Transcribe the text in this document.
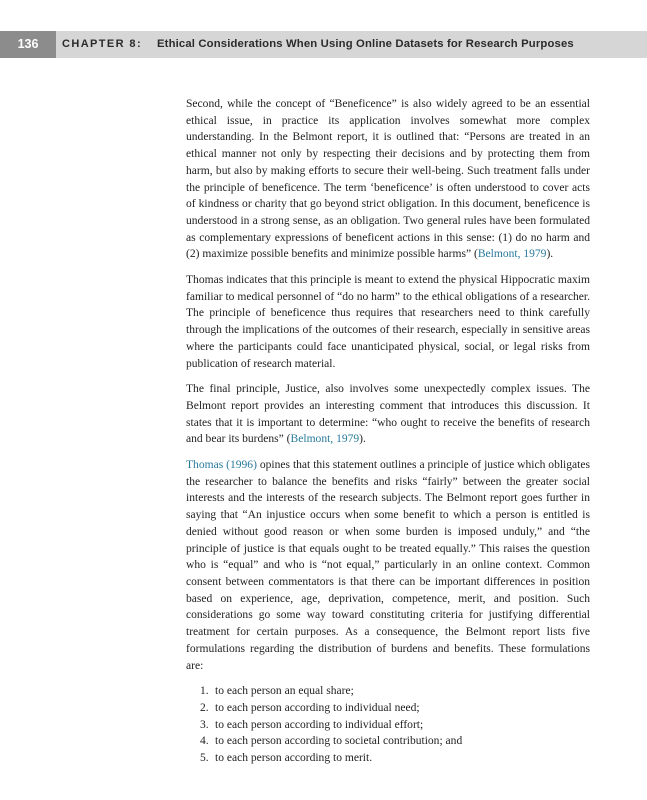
136	CHAPTER 8: Ethical Considerations When Using Online Datasets for Research Purposes

Second, while the concept of “Beneficence” is also widely agreed to be an essential ethical issue, in practice its application involves somewhat more complex understanding. In the Belmont report, it is outlined that: “Persons are treated in an ethical manner not only by respecting their decisions and by protecting them from harm, but also by making efforts to secure their well-being. Such treatment falls under the principle of beneficence. The term ‘beneficence’ is often understood to cover acts of kindness or charity that go beyond strict obligation. In this document, beneficence is understood in a strong sense, as an obligation. Two general rules have been formulated as complementary expressions of beneficent actions in this sense: (1) do no harm and (2) maximize possible benefits and minimize possible harms” (Belmont, 1979).

Thomas indicates that this principle is meant to extend the physical Hippocratic maxim familiar to medical personnel of “do no harm” to the ethical obligations of a researcher. The principle of beneficence thus requires that researchers need to think carefully through the implications of the outcomes of their research, especially in sensitive areas where the participants could face unanticipated physical, social, or legal risks from publication of research material.

The final principle, Justice, also involves some unexpectedly complex issues. The Belmont report provides an interesting comment that introduces this discussion. It states that it is important to determine: “who ought to receive the benefits of research and bear its burdens” (Belmont, 1979).

Thomas (1996) opines that this statement outlines a principle of justice which obligates the researcher to balance the benefits and risks “fairly” between the greater social interests and the interests of the research subjects. The Belmont report goes further in saying that “An injustice occurs when some benefit to which a person is entitled is denied without good reason or when some burden is imposed unduly,” and “the principle of justice is that equals ought to be treated equally.” This raises the question who is “equal” and who is “not equal,” particularly in an online context. Common consent between commentators is that there can be important differences in position based on experience, age, deprivation, competence, merit, and position. Such considerations go some way toward constituting criteria for justifying differential treatment for certain purposes. As a consequence, the Belmont report lists five formulations regarding the distribution of burdens and benefits. These formulations are:

1. to each person an equal share;
2. to each person according to individual need;
3. to each person according to individual effort;
4. to each person according to societal contribution; and
5. to each person according to merit.
